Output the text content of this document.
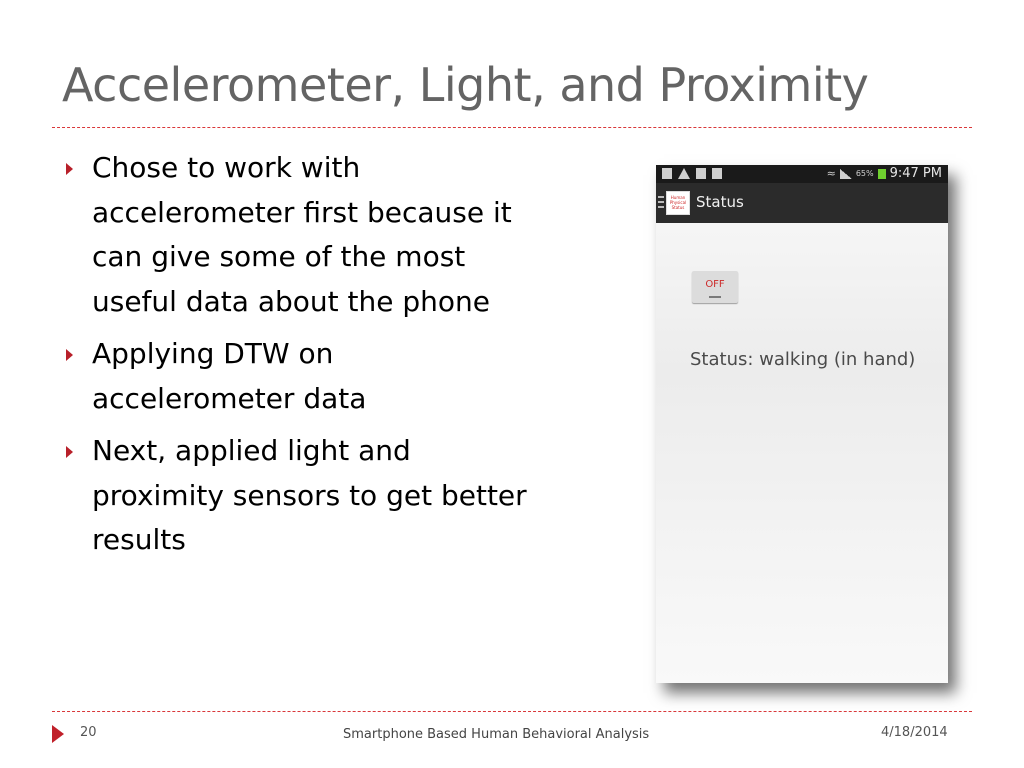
Accelerometer, Light, and Proximity
Chose to work with accelerometer first because it can give some of the most useful data about the phone
Applying DTW on accelerometer data
Next, applied light and proximity sensors to get better results
≈	65% 9:47 PM
Human Physical Status Status
OFF
Status: walking (in hand)
20	Smartphone Based Human Behavioral Analysis	4/18/2014
